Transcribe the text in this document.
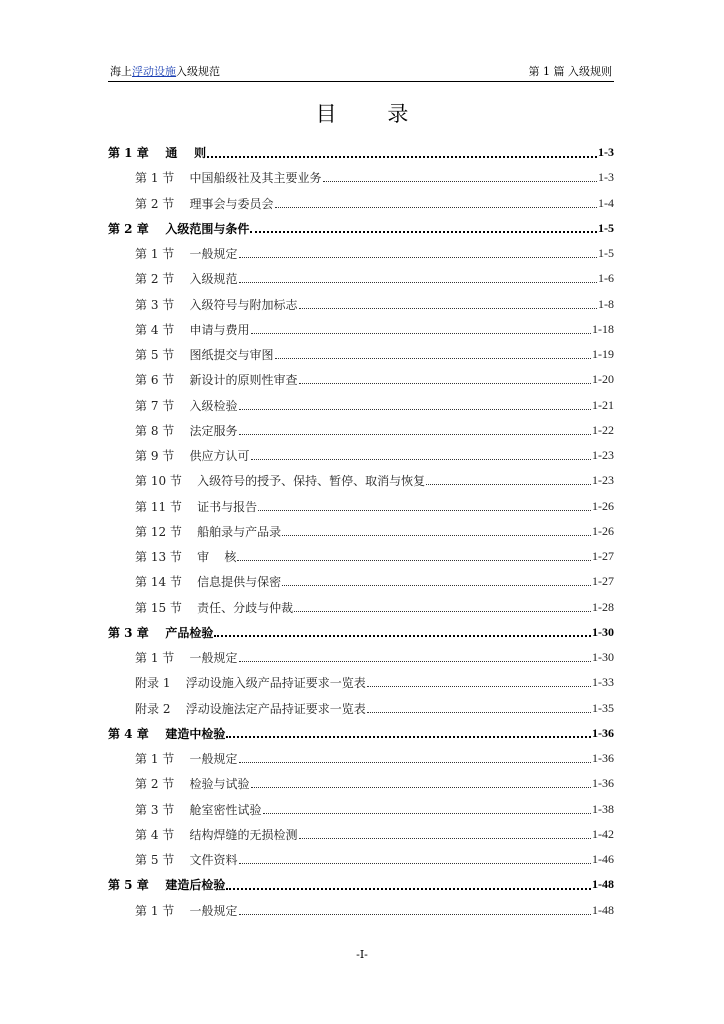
海上浮动设施入级规范	第 1 篇 入级规则
目 录
第 1 章    通    则	1-3
第 1 节    中国船级社及其主要业务	1-3
第 2 节    理事会与委员会	1-4
第 2 章    入级范围与条件	1-5
第 1 节    一般规定	1-5
第 2 节    入级规范	1-6
第 3 节    入级符号与附加标志	1-8
第 4 节    申请与费用	1-18
第 5 节    图纸提交与审图	1-19
第 6 节    新设计的原则性审查	1-20
第 7 节    入级检验	1-21
第 8 节    法定服务	1-22
第 9 节    供应方认可	1-23
第 10 节    入级符号的授予、保持、暂停、取消与恢复	1-23
第 11 节    证书与报告	1-26
第 12 节    船舶录与产品录	1-26
第 13 节    审    核	1-27
第 14 节    信息提供与保密	1-27
第 15 节    责任、分歧与仲裁	1-28
第 3 章    产品检验	1-30
第 1 节    一般规定	1-30
附录 1    浮动设施入级产品持证要求一览表	1-33
附录 2    浮动设施法定产品持证要求一览表	1-35
第 4 章    建造中检验	1-36
第 1 节    一般规定	1-36
第 2 节    检验与试验	1-36
第 3 节    舱室密性试验	1-38
第 4 节    结构焊缝的无损检测	1-42
第 5 节    文件资料	1-46
第 5 章    建造后检验	1-48
第 1 节    一般规定	1-48
-I-
